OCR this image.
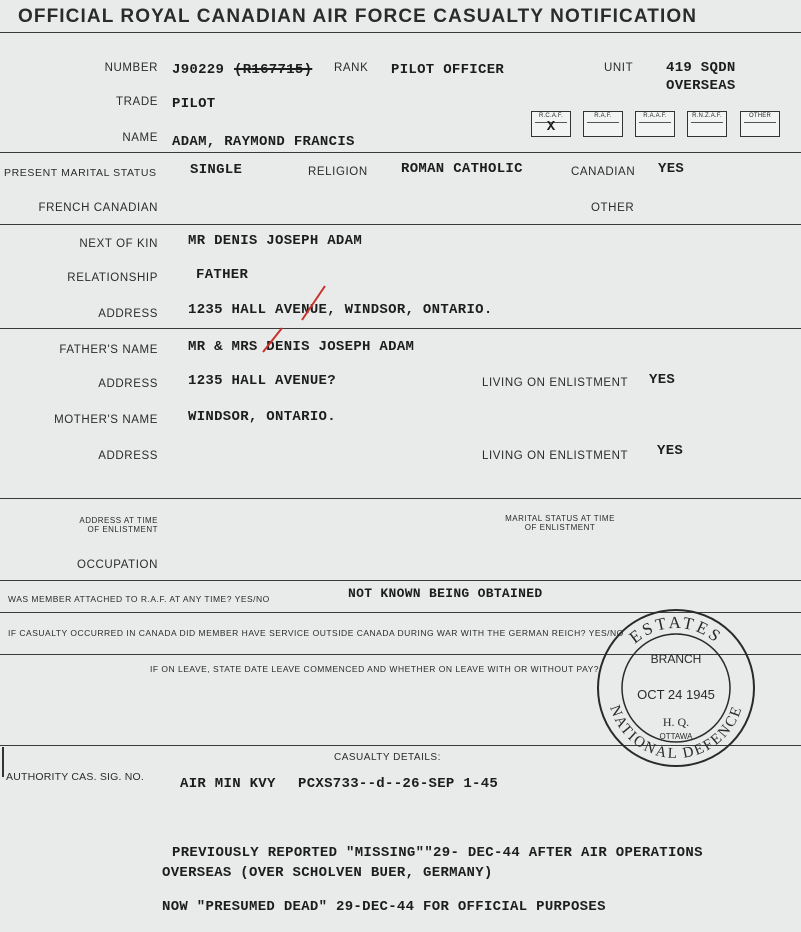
OFFICIAL ROYAL CANADIAN AIR FORCE CASUALTY NOTIFICATION
NUMBER J90229 (R167715) RANK PILOT OFFICER	UNIT 419 SQDN
OVERSEAS
TRADE PILOT
NAME ADAM, RAYMOND FRANCIS
R.C.A.F.
X
R.A.F.	R.A.A.F.	R.N.Z.A.F.	OTHER
PRESENT MARITAL STATUS SINGLE	RELIGION ROMAN CATHOLIC	CANADIAN YES
FRENCH CANADIAN	OTHER
NEXT OF KIN MR DENIS JOSEPH ADAM
RELATIONSHIP	FATHER
ADDRESS 1235 HALL AVENUE, WINDSOR, ONTARIO.
FATHER'S NAME MR & MRS DENIS JOSEPH ADAM
ADDRESS 1235 HALL AVENUE?	LIVING ON ENLISTMENT YES
MOTHER'S NAME WINDSOR, ONTARIO.
ADDRESS	LIVING ON ENLISTMENT YES
ADDRESS AT TIME
OF ENLISTMENT
MARITAL STATUS AT TIME
OF ENLISTMENT
OCCUPATION
WAS MEMBER ATTACHED TO R.A.F. AT ANY TIME? YES/NO	NOT KNOWN BEING OBTAINED
IF CASUALTY OCCURRED IN CANADA DID MEMBER HAVE SERVICE OUTSIDE CANADA DURING WAR WITH THE GERMAN REICH? YES/NO
IF ON LEAVE, STATE DATE LEAVE COMMENCED AND WHETHER ON LEAVE WITH OR WITHOUT PAY?
CASUALTY DETAILS:
AUTHORITY CAS. SIG. NO.	AIR MIN KVY PCXS733--d--26-SEP 1-45
PREVIOUSLY REPORTED "MISSING""29- DEC-44 AFTER AIR OPERATIONS
OVERSEAS (OVER SCHOLVEN BUER, GERMANY)
NOW "PRESUMED DEAD" 29-DEC-44 FOR OFFICIAL PURPOSES
ESTATES
NATIONAL DEFENCE
BRANCH
OCT 24 1945
H. Q.
OTTAWA
